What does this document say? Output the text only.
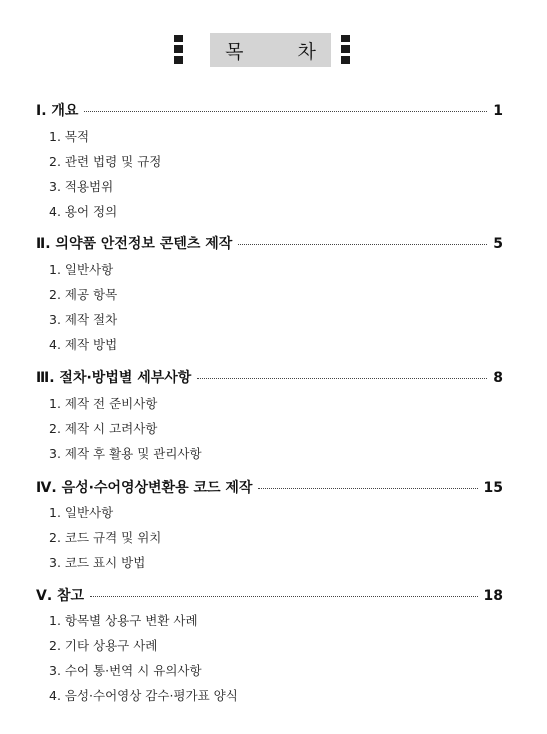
목 차
Ⅰ. 개요	1
1. 목적
2. 관련 법령 및 규정
3. 적용범위
4. 용어 정의
Ⅱ. 의약품 안전정보 콘텐츠 제작	5
1. 일반사항
2. 제공 항목
3. 제작 절차
4. 제작 방법
Ⅲ. 절차·방법별 세부사항	8
1. 제작 전 준비사항
2. 제작 시 고려사항
3. 제작 후 활용 및 관리사항
Ⅳ. 음성·수어영상변환용 코드 제작	15
1. 일반사항
2. 코드 규격 및 위치
3. 코드 표시 방법
Ⅴ. 참고	18
1. 항목별 상용구 변환 사례
2. 기타 상용구 사례
3. 수어 통·번역 시 유의사항
4. 음성·수어영상 감수·평가표 양식
